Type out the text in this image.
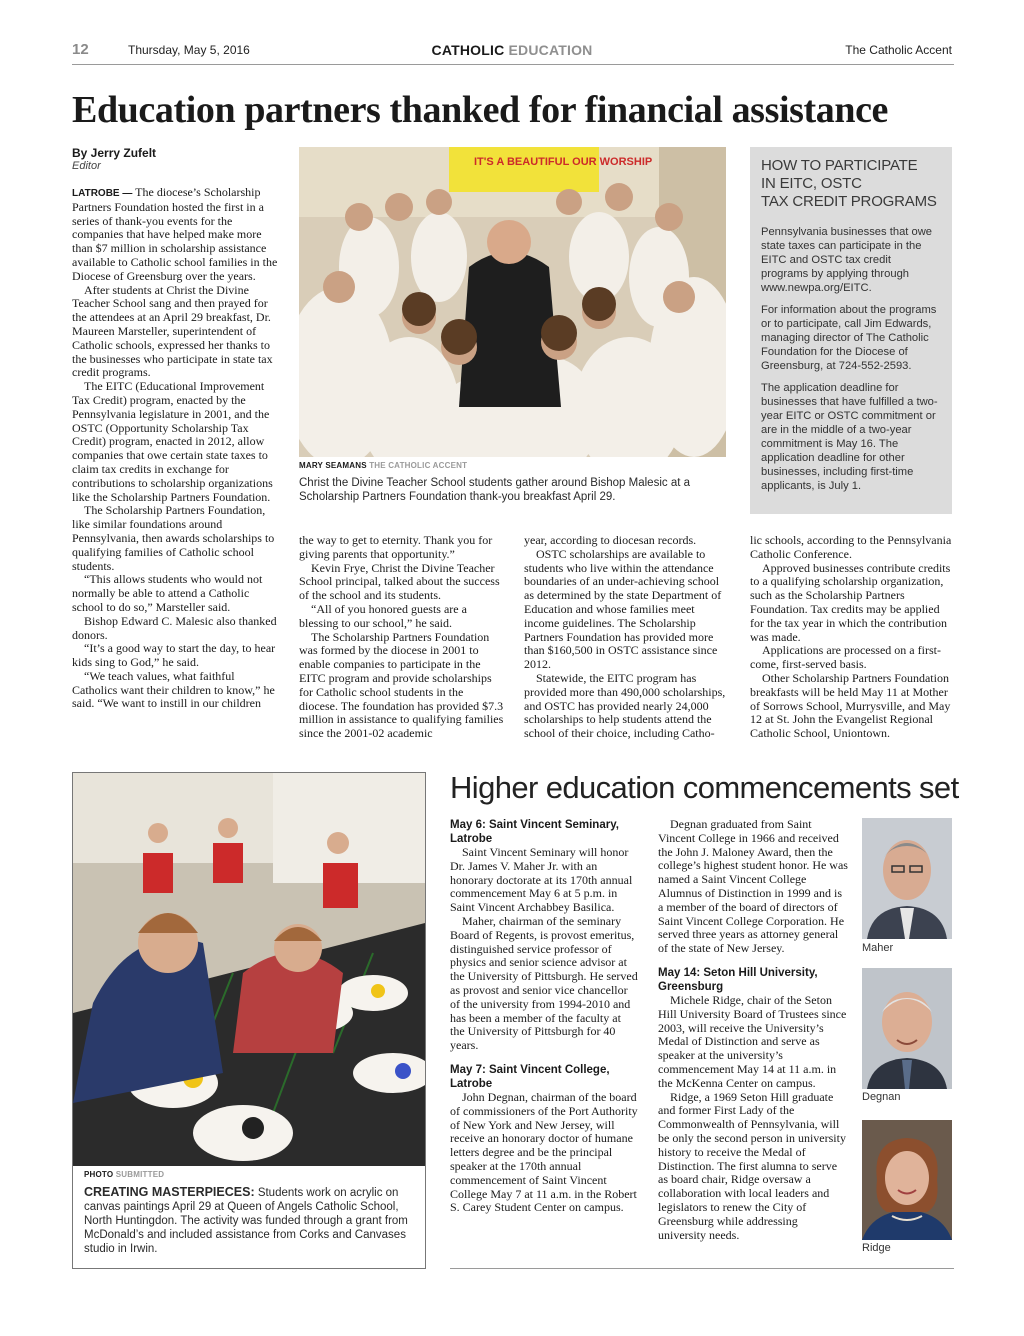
12	Thursday, May 5, 2016	CATHOLIC EDUCATION	The Catholic Accent
Education partners thanked for financial assistance
By Jerry Zufelt
Editor

LATROBE — The diocese’s Scholarship Partners Foundation hosted the first in a series of thank-you events for the companies that have helped make more than $7 million in scholarship assistance available to Catholic school families in the Diocese of Greensburg over the years.

After students at Christ the Divine Teacher School sang and then prayed for the attendees at an April 29 breakfast, Dr. Maureen Marsteller, superintendent of Catholic schools, expressed her thanks to the businesses who participate in state tax credit programs.

The EITC (Educational Improvement Tax Credit) program, enacted by the Pennsylvania legislature in 2001, and the OSTC (Opportunity Scholarship Tax Credit) program, enacted in 2012, allow companies that owe certain state taxes to claim tax credits in exchange for contributions to scholarship organizations like the Scholarship Partners Foundation.

The Scholarship Partners Foundation, like similar foundations around Pennsylvania, then awards scholarships to qualifying families of Catholic school students.

“This allows students who would not normally be able to attend a Catholic school to do so,” Marsteller said.

Bishop Edward C. Malesic also thanked donors.

“It’s a good way to start the day, to hear kids sing to God,” he said.

“We teach values, what faithful Catholics want their children to know,” he said. “We want to instill in our children

IT'S A BEAUTIFUL OUR WORSHIP
MARY SEAMANS THE CATHOLIC ACCENT
Christ the Divine Teacher School students gather around Bishop Malesic at a Scholarship Partners Foundation thank-you breakfast April 29.
HOW TO PARTICIPATE
IN EITC, OSTC
TAX CREDIT PROGRAMS
Pennsylvania businesses that owe state taxes can participate in the EITC and OSTC tax credit programs by applying through www.newpa.org/EITC.
For information about the programs or to participate, call Jim Edwards, managing director of The Catholic Foundation for the Diocese of Greensburg, at 724-552-2593.
The application deadline for businesses that have fulfilled a two-year EITC or OSTC commitment or are in the middle of a two-year commitment is May 16. The application deadline for other businesses, including first-time applicants, is July 1.

the way to get to eternity. Thank you for giving parents that opportunity.”

Kevin Frye, Christ the Divine Teacher School principal, talked about the success of the school and its students.

“All of you honored guests are a blessing to our school,” he said.

The Scholarship Partners Foundation was formed by the diocese in 2001 to enable companies to participate in the EITC program and provide scholarships for Catholic school students in the diocese. The foundation has provided $7.3 million in assistance to qualifying families since the 2001-02 academic

year, according to diocesan records.

OSTC scholarships are available to students who live within the attendance boundaries of an under-achieving school as determined by the state Department of Education and whose families meet income guidelines. The Scholarship Partners Foundation has provided more than $160,500 in OSTC assistance since 2012.

Statewide, the EITC program has provided more than 490,000 scholarships, and OSTC has provided nearly 24,000 scholarships to help students attend the school of their choice, including Catho-

lic schools, according to the Pennsylvania Catholic Conference.

Approved businesses contribute credits to a qualifying scholarship organization, such as the Scholarship Partners Foundation. Tax credits may be applied for the tax year in which the contribution was made.

Applications are processed on a first-come, first-served basis.

Other Scholarship Partners Foundation breakfasts will be held May 11 at Mother of Sorrows School, Murrysville, and May 12 at St. John the Evangelist Regional Catholic School, Uniontown.

PHOTO SUBMITTED
CREATING MASTERPIECES: Students work on acrylic on canvas paintings April 29 at Queen of Angels Catholic School, North Huntingdon. The activity was funded through a grant from McDonald’s and included assistance from Corks and Canvases studio in Irwin.
Higher education commencements set
May 6: Saint Vincent Seminary, Latrobe

Saint Vincent Seminary will honor Dr. James V. Maher Jr. with an honorary doctorate at its 170th annual commencement May 6 at 5 p.m. in Saint Vincent Archabbey Basilica.

Maher, chairman of the seminary Board of Regents, is provost emeritus, distinguished service professor of physics and senior science advisor at the University of Pittsburgh. He served as provost and senior vice chancellor of the university from 1994-2010 and has been a member of the faculty at the University of Pittsburgh for 40 years.

May 7: Saint Vincent College, Latrobe

John Degnan, chairman of the board of commissioners of the Port Authority of New York and New Jersey, will receive an honorary doctor of humane letters degree and be the principal speaker at the 170th annual commencement of Saint Vincent College May 7 at 11 a.m. in the Robert S. Carey Student Center on campus.

Degnan graduated from Saint Vincent College in 1966 and received the John J. Maloney Award, then the college’s highest student honor. He was named a Saint Vincent College Alumnus of Distinction in 1999 and is a member of the board of directors of Saint Vincent College Corporation. He served three years as attorney general of the state of New Jersey.

May 14: Seton Hill University, Greensburg

Michele Ridge, chair of the Seton Hill University Board of Trustees since 2003, will receive the University’s Medal of Distinction and serve as speaker at the university’s commencement May 14 at 11 a.m. in the McKenna Center on campus.

Ridge, a 1969 Seton Hill graduate and former First Lady of the Commonwealth of Pennsylvania, will be only the second person in university history to receive the Medal of Distinction. The first alumna to serve as board chair, Ridge oversaw a collaboration with local leaders and legislators to renew the City of Greensburg while addressing university needs.

Maher
Degnan
Ridge
